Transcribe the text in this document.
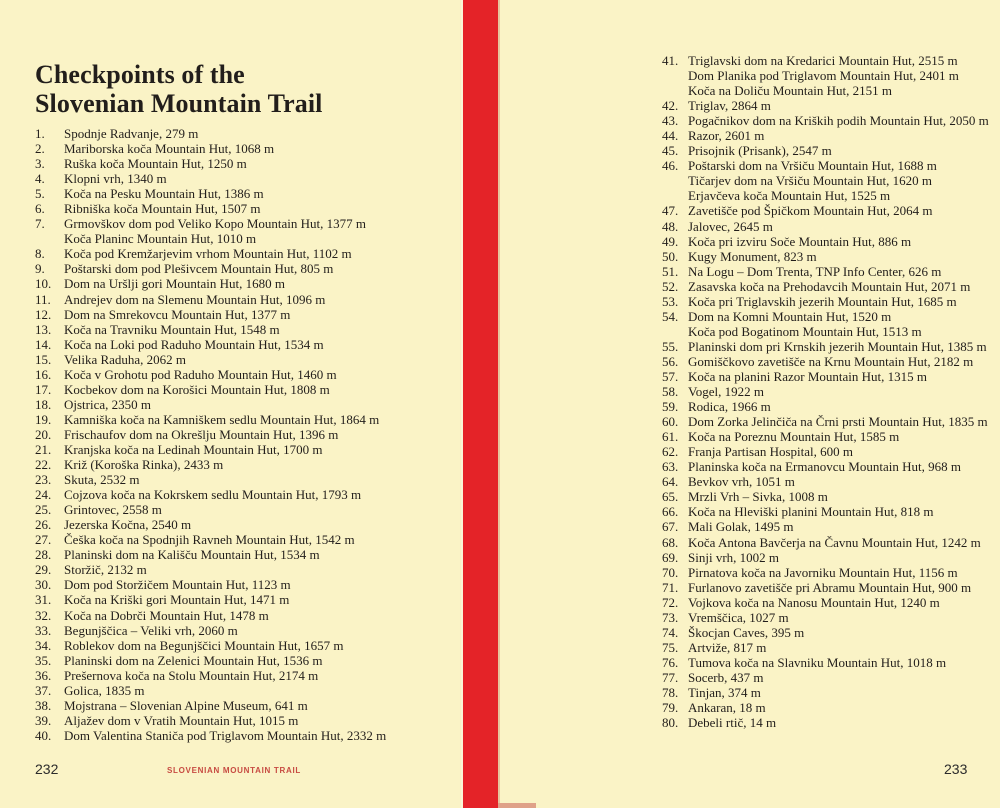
Checkpoints of the
Slovenian Mountain Trail
1.	Spodnje Radvanje, 279 m
2.	Mariborska koča Mountain Hut, 1068 m
3.	Ruška koča Mountain Hut, 1250 m
4.	Klopni vrh, 1340 m
5.	Koča na Pesku Mountain Hut, 1386 m
6.	Ribniška koča Mountain Hut, 1507 m
7.	Grmovškov dom pod Veliko Kopo Mountain Hut, 1377 m
Koča Planinc Mountain Hut, 1010 m
8.	Koča pod Kremžarjevim vrhom Mountain Hut, 1102 m
9.	Poštarski dom pod Plešivcem Mountain Hut, 805 m
10. Dom na Uršlji gori Mountain Hut, 1680 m
11.	Andrejev dom na Slemenu Mountain Hut, 1096 m
12. Dom na Smrekovcu Mountain Hut, 1377 m
13. Koča na Travniku Mountain Hut, 1548 m
14. Koča na Loki pod Raduho Mountain Hut, 1534 m
15. Velika Raduha, 2062 m
16. Koča v Grohotu pod Raduho Mountain Hut, 1460 m
17. Kocbekov dom na Korošici Mountain Hut, 1808 m
18. Ojstrica, 2350 m
19. Kamniška koča na Kamniškem sedlu Mountain Hut, 1864 m
20. Frischaufov dom na Okrešlju Mountain Hut, 1396 m
21. Kranjska koča na Ledinah Mountain Hut, 1700 m
22. Križ (Koroška Rinka), 2433 m
23. Skuta, 2532 m
24. Cojzova koča na Kokrskem sedlu Mountain Hut, 1793 m
25. Grintovec, 2558 m
26. Jezerska Kočna, 2540 m
27. Češka koča na Spodnjih Ravneh Mountain Hut, 1542 m
28. Planinski dom na Kališču Mountain Hut, 1534 m
29. Storžič, 2132 m
30. Dom pod Storžičem Mountain Hut, 1123 m
31. Koča na Kriški gori Mountain Hut, 1471 m
32. Koča na Dobrči Mountain Hut, 1478 m
33. Begunjščica – Veliki vrh, 2060 m
34. Roblekov dom na Begunjščici Mountain Hut, 1657 m
35. Planinski dom na Zelenici Mountain Hut, 1536 m
36. Prešernova koča na Stolu Mountain Hut, 2174 m
37. Golica, 1835 m
38. Mojstrana – Slovenian Alpine Museum, 641 m
39. Aljažev dom v Vratih Mountain Hut, 1015 m
40. Dom Valentina Staniča pod Triglavom Mountain Hut, 2332 m
41. Triglavski dom na Kredarici Mountain Hut, 2515 m
Dom Planika pod Triglavom Mountain Hut, 2401 m
Koča na Doliču Mountain Hut, 2151 m
42. Triglav, 2864 m
43. Pogačnikov dom na Kriških podih Mountain Hut, 2050 m
44. Razor, 2601 m
45. Prisojnik (Prisank), 2547 m
46. Poštarski dom na Vršiču Mountain Hut, 1688 m
Tičarjev dom na Vršiču Mountain Hut, 1620 m
Erjavčeva koča Mountain Hut, 1525 m
47. Zavetišče pod Špičkom Mountain Hut, 2064 m
48. Jalovec, 2645 m
49. Koča pri izviru Soče Mountain Hut, 886 m
50. Kugy Monument, 823 m
51. Na Logu – Dom Trenta, TNP Info Center, 626 m
52. Zasavska koča na Prehodavcih Mountain Hut, 2071 m
53. Koča pri Triglavskih jezerih Mountain Hut, 1685 m
54. Dom na Komni Mountain Hut, 1520 m
Koča pod Bogatinom Mountain Hut, 1513 m
55. Planinski dom pri Krnskih jezerih Mountain Hut, 1385 m
56. Gomiščkovo zavetišče na Krnu Mountain Hut, 2182 m
57. Koča na planini Razor Mountain Hut, 1315 m
58. Vogel, 1922 m
59. Rodica, 1966 m
60. Dom Zorka Jelinčiča na Črni prsti Mountain Hut, 1835 m
61. Koča na Poreznu Mountain Hut, 1585 m
62. Franja Partisan Hospital, 600 m
63. Planinska koča na Ermanovcu Mountain Hut, 968 m
64. Bevkov vrh, 1051 m
65. Mrzli Vrh – Sivka, 1008 m
66. Koča na Hleviški planini Mountain Hut, 818 m
67. Mali Golak, 1495 m
68. Koča Antona Bavčerja na Čavnu Mountain Hut, 1242 m
69. Sinji vrh, 1002 m
70. Pirnatova koča na Javorniku Mountain Hut, 1156 m
71. Furlanovo zavetišče pri Abramu Mountain Hut, 900 m
72. Vojkova koča na Nanosu Mountain Hut, 1240 m
73. Vremščica, 1027 m
74. Škocjan Caves, 395 m
75. Artviže, 817 m
76. Tumova koča na Slavniku Mountain Hut, 1018 m
77. Socerb, 437 m
78. Tinjan, 374 m
79. Ankaran, 18 m
80. Debeli rtič, 14 m
232	SLOVENIAN MOUNTAIN TRAIL	233
